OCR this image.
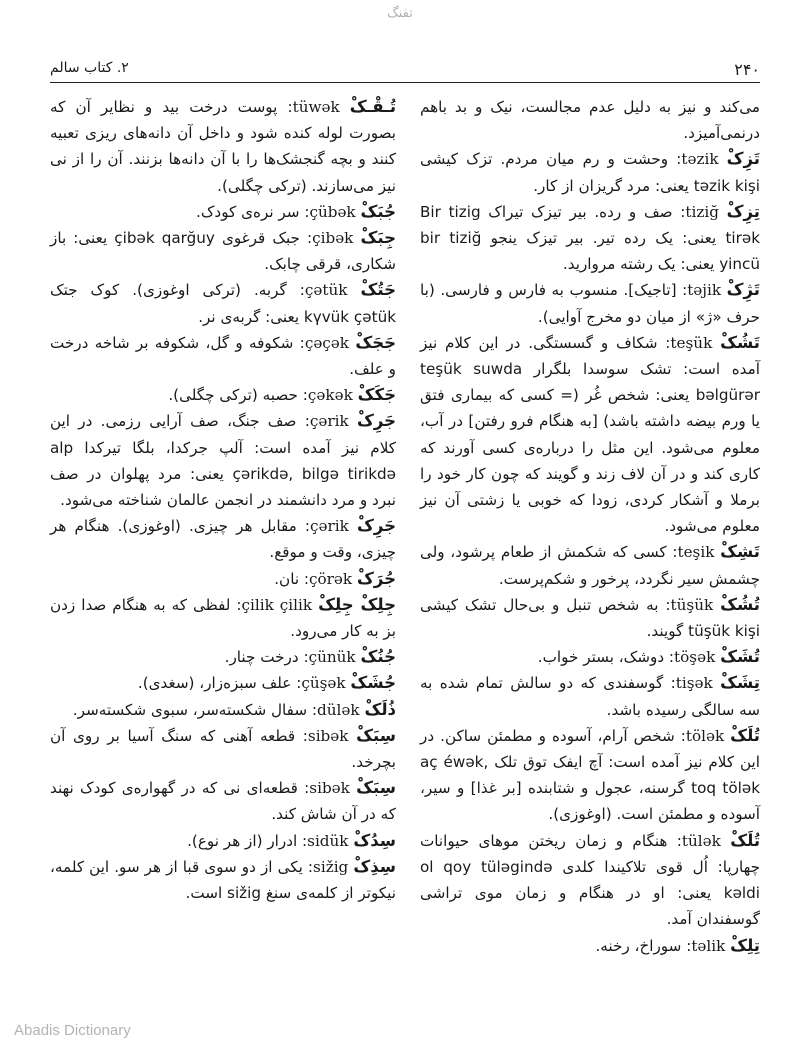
تفنگ
۲۴۰
۲. کتاب سالم

می‌کند و نیز به دلیل عدم مجالست، نیک و بد باهم درنمی‌آمیزد.

تَزِکْ tәzik: وحشت و رم میان مردم. تزک کیشی tәzik kişi یعنی: مرد گریزان از کار.

تِزِکْ tiziğ: صف و رده. بیر تیزک تیراک Bir tizig tirәk یعنی: یک رده تیر. بیر تیزک ینجو bir tiziğ yincü یعنی: یک رشته مروارید.

تَژِکْ tәjik: [تاجیک]. منسوب به فارس و فارسی. (با حرف «ژ» از میان دو مخرج آوایی).

تَشُکْ teşük: شکاف و گسستگی. در این کلام نیز آمده است: تشک سوسدا بلگرار teşük suwda bәlgürәr یعنی: شخص غُر (= کسی که بیماری فتق یا ورم بیضه داشته باشد) [به هنگام فرو رفتن] در آب، معلوم می‌شود. این مثل را درباره‌ی کسی آورند که کاری کند و در آن لاف زند و گویند که چون کار خود را برملا و آشکار کردی، زودا که خوبی یا زشتی آن نیز معلوم می‌شود.

تَشِکْ teşik: کسی که شکمش از طعام پرشود، ولی چشمش سیر نگردد، پرخور و شکم‌پرست.

تُشُکْ tüşük: به شخص تنبل و بی‌حال تشک کیشی tüşük kişi گویند.

تُشَکْ töşәk: دوشک، بستر خواب.

تِشَکْ tişәk: گوسفندی که دو سالش تمام شده به سه سالگی رسیده باشد.

تُلَکْ tölәk: شخص آرام، آسوده و مطمئن ساکن. در این کلام نیز آمده است: آچ ایفک توق تلک aç éwәk, toq tölәk گرسنه، عجول و شتابنده [بر غذا] و سیر، آسوده و مطمئن است. (اوغوزی).

تُلَکْ tülәk: هنگام و زمان ریختن موهای حیوانات چهارپا: اُل قوی تلاکیندا کلدی ol qoy tülәgindә kәldi یعنی: او در هنگام و زمان موی تراشی گوسفندان آمد.

تِلِکْ tәlik: سوراخ، رخنه.

تُـقْـکْ tüwәk: پوست درخت بید و نظایر آن که بصورت لوله کنده شود و داخل آن دانه‌های ریزی تعبیه کنند و بچه گنجشک‌ها را با آن دانه‌ها بزنند. آن را از نی نیز می‌سازند. (ترکی چگلی).

جُبَکْ çübәk: سر نره‌ی کودک.

جِبَکْ çibәk: جبک قرغوی çibәk qarğuy یعنی: باز شکاری، قرقی چابک.

جَتُکْ çәtük: گربه. (ترکی اوغوزی). کوک جتک kүvük çәtük یعنی: گربه‌ی نر.

جَجَکْ çәçәk: شکوفه و گل، شکوفه بر شاخه درخت و علف.

جَکَکْ çәkәk: حصبه (ترکی چگلی).

جَرِکْ çәrik: صف جنگ، صف آرایی رزمی. در این کلام نیز آمده است: آلپ جرکدا، بلگا تیرکدا alp çәrikdә, bilgә tirikdә یعنی: مرد پهلوان در صف نبرد و مرد دانشمند در انجمن عالمان شناخته می‌شود.

جَرِکْ çәrik: مقابل هر چیزی. (اوغوزی). هنگام هر چیزی، وقت و موقع.

جُرَکْ çörәk: نان.

جِلِکْ جِلِکْ çilik çilik: لفظی که به هنگام صدا زدن بز به کار می‌رود.

جُنُکْ çünük: درخت چنار.

جُشَکْ çüşәk: علف سبزه‌زار، (سغدی).

ذُلَکْ dülәk: سفال شکسته‌سر، سبوی شکسته‌سر.

سِبَکْ sibәk: قطعه آهنی که سنگ آسیا بر روی آن بچرخد.

سِبَکْ sibәk: قطعه‌ای نی که در گهواره‌ی کودک نهند که در آن شاش کند.

سِدُکْ sidük: ادرار (از هر نوع).

سِذِکْ sižig: یکی از دو سوی قبا از هر سو. این کلمه، نیکوتر از کلمه‌ی سنغ sižig است.

Abadis Dictionary
